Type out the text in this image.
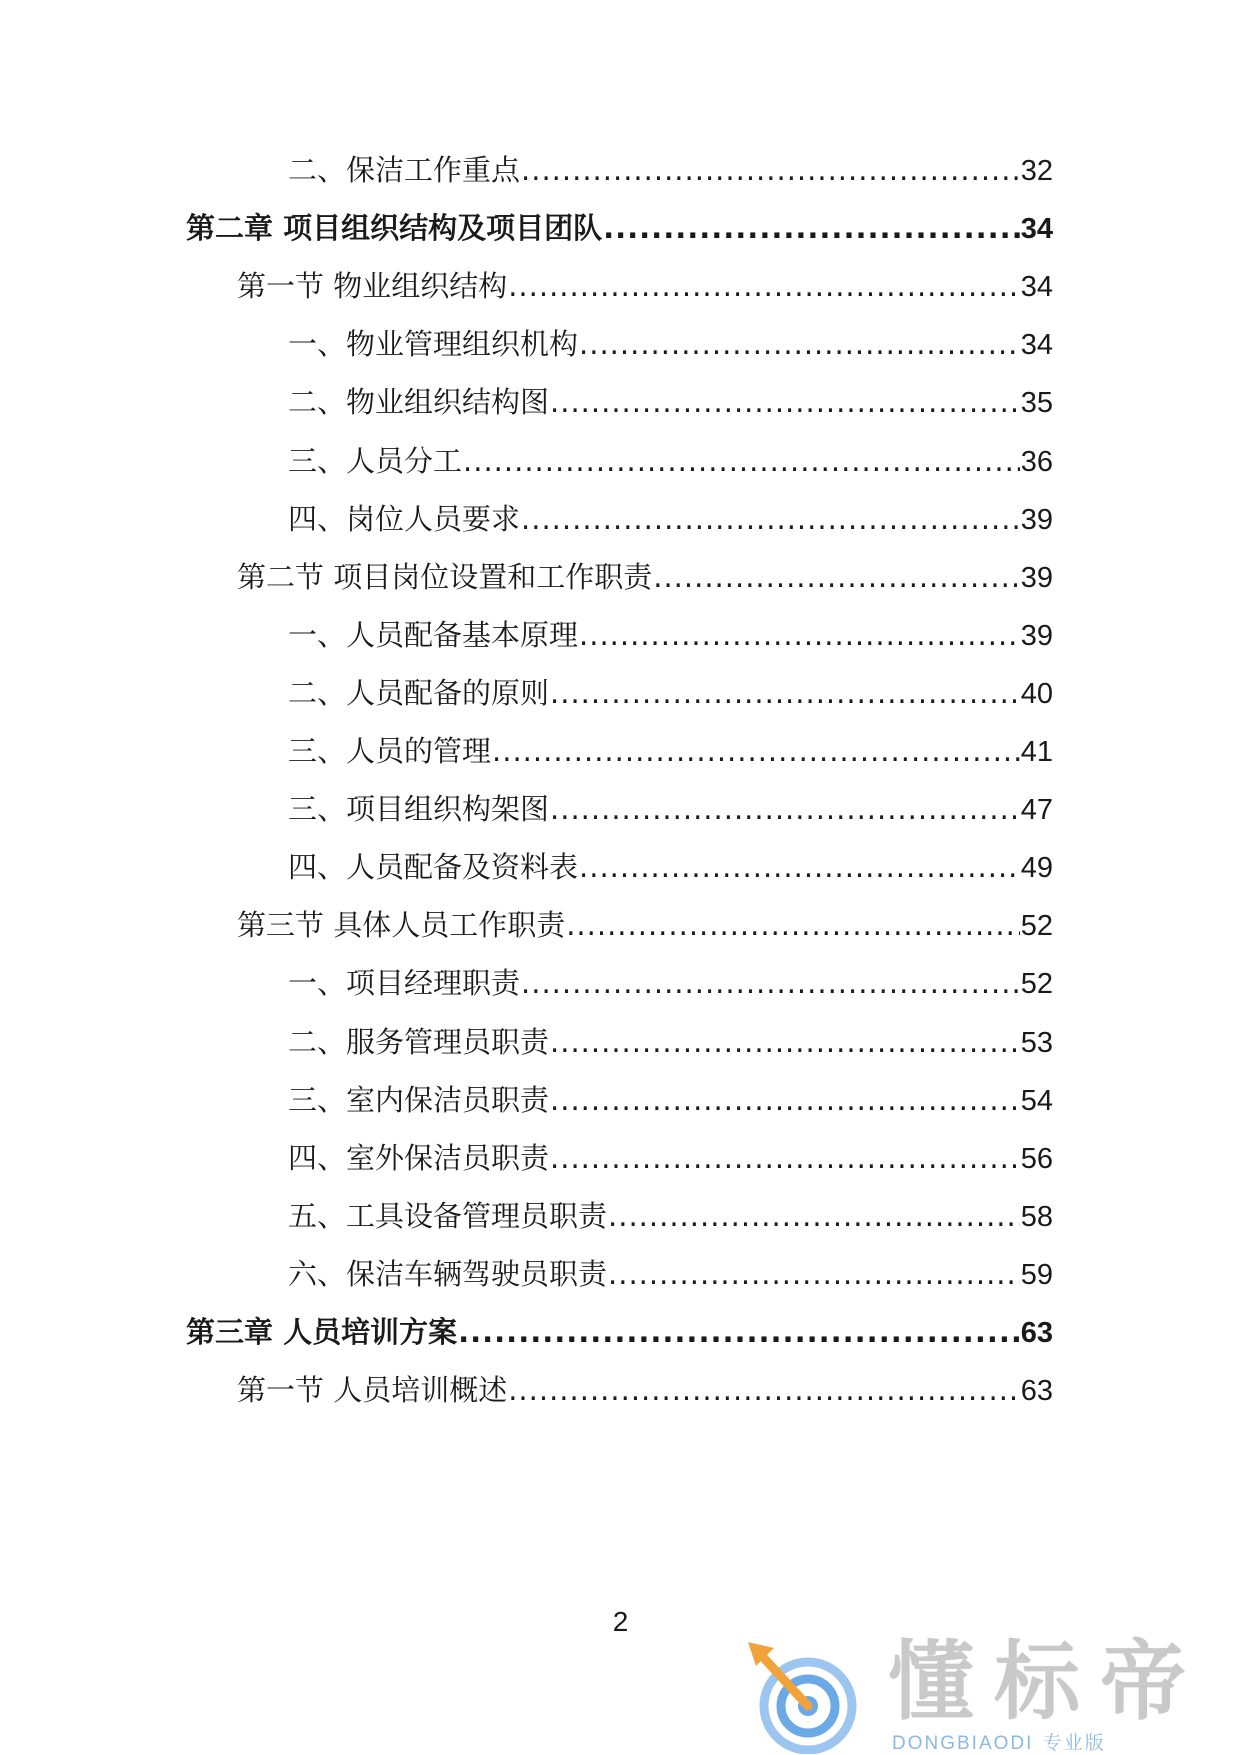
二、保洁工作重点 .....	32
第二章 项目组织结构及项目团队 .....	34
第一节 物业组织结构 .....	34
一、物业管理组织机构 .....	34
二、物业组织结构图 .....	35
三、人员分工 .....	36
四、岗位人员要求 .....	39
第二节 项目岗位设置和工作职责 .....	39
一、人员配备基本原理 .....	39
二、人员配备的原则 .....	40
三、人员的管理 .....	41
三、项目组织构架图 .....	47
四、人员配备及资料表 .....	49
第三节 具体人员工作职责 .....	52
一、项目经理职责 .....	52
二、服务管理员职责 .....	53
三、室内保洁员职责 .....	54
四、室外保洁员职责 .....	56
五、工具设备管理员职责 .....	58
六、保洁车辆驾驶员职责 .....	59
第三章 人员培训方案 .....	63
第一节 人员培训概述 .....	63
2
懂标帝
DONGBIAODI 专业版
